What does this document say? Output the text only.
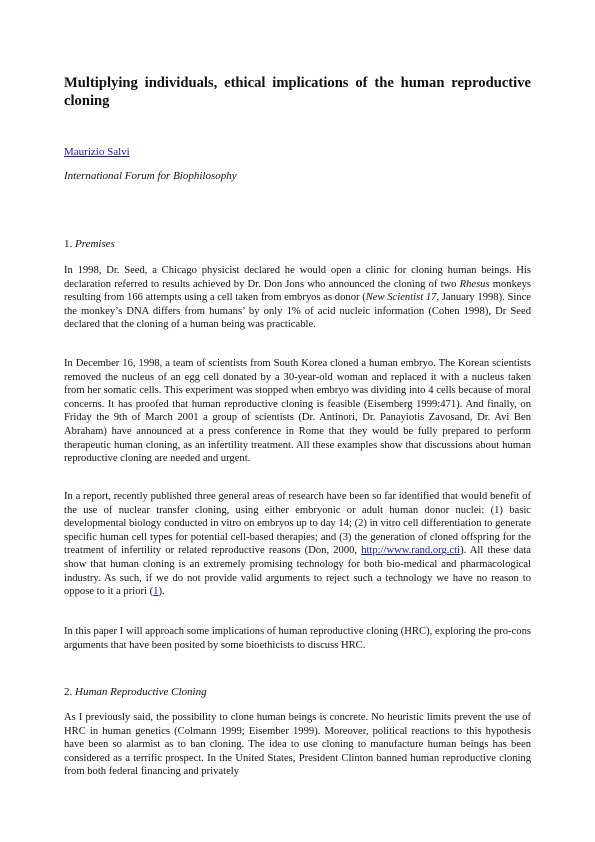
Multiplying individuals, ethical implications of the human reproductive cloning
Maurizio Salvi
International Forum for Biophilosophy
1. Premises

In 1998, Dr. Seed, a Chicago physicist declared he would open a clinic for cloning human beings. His declaration referred to results achieved by Dr. Don Jons who announced the cloning of two Rhesus monkeys resulting from 166 attempts using a cell taken from embryos as donor (New Scientist 17, January 1998). Since the monkey’s DNA differs from humans’ by only 1% of acid nucleic information (Cohen 1998), Dr Seed declared that the cloning of a human being was practicable.

In December 16, 1998, a team of scientists from South Korea cloned a human embryo. The Korean scientists removed the nucleus of an egg cell donated by a 30-year-old woman and replaced it with a nucleus taken from her somatic cells. This experiment was stopped when embryo was dividing into 4 cells because of moral concerns. It has proofed that human reproductive cloning is feasible (Eisemberg 1999:471). And finally, on Friday the 9th of March 2001 a group of scientists (Dr. Antinori, Dr. Panayiotis Zavosand, Dr. Avi Ben Abraham) have announced at a press conference in Rome that they would be fully prepared to perform therapeutic human cloning, as an infertility treatment. All these examples show that discussions about human reproductive cloning are needed and urgent.

In a report, recently published three general areas of research have been so far identified that would benefit of the use of nuclear transfer cloning, using either embryonic or adult human donor nuclei: (1) basic developmental biology conducted in vitro on embryos up to day 14; (2) in vitro cell differentiation to generate specific human cell types for potential cell-based therapies; and (3) the generation of cloned offspring for the treatment of infertility or related reproductive reasons (Don, 2000, http://www.rand.org.cti). All these data show that human cloning is an extremely promising technology for both bio-medical and pharmacological industry. As such, if we do not provide valid arguments to reject such a technology we have no reason to oppose to it a priori (1).

In this paper I will approach some implications of human reproductive cloning (HRC), exploring the pro-cons arguments that have been posited by some bioethicists to discuss HRC.

2. Human Reproductive Cloning

As I previously said, the possibility to clone human beings is concrete. No heuristic limits prevent the use of HRC in human genetics (Colmann 1999; Eisember 1999). Moreover, political reactions to this hypothesis have been so alarmist as to ban cloning. The idea to use cloning to manufacture human beings has been considered as a terrific prospect. In the United States, President Clinton banned human reproductive cloning from both federal financing and privately
